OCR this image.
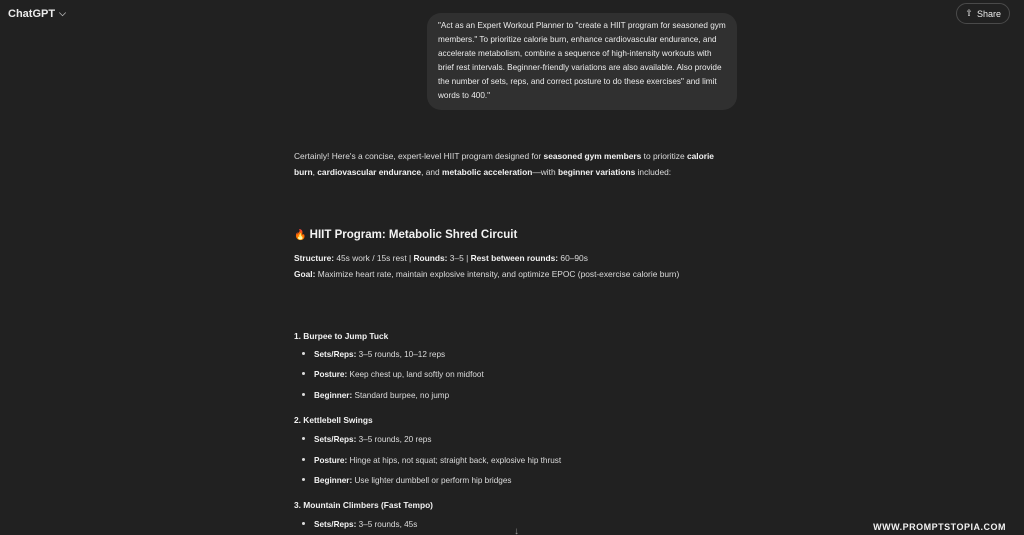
ChatGPT ⌵	⇧ Share
"Act as an Expert Workout Planner to "create a HIIT program for seasoned gym members." To prioritize calorie burn, enhance cardiovascular endurance, and accelerate metabolism, combine a sequence of high-intensity workouts with brief rest intervals. Beginner-friendly variations are also available. Also provide the number of sets, reps, and correct posture to do these exercises" and limit words to 400."
Certainly! Here's a concise, expert-level HIIT program designed for seasoned gym members to prioritize calorie burn, cardiovascular endurance, and metabolic acceleration—with beginner variations included:
🔥 HIIT Program: Metabolic Shred Circuit
Structure: 45s work / 15s rest | Rounds: 3–5 | Rest between rounds: 60–90s
Goal: Maximize heart rate, maintain explosive intensity, and optimize EPOC (post-exercise calorie burn)
1. Burpee to Jump Tuck
Sets/Reps: 3–5 rounds, 10–12 reps
Posture: Keep chest up, land softly on midfoot
Beginner: Standard burpee, no jump
2. Kettlebell Swings
Sets/Reps: 3–5 rounds, 20 reps
Posture: Hinge at hips, not squat; straight back, explosive hip thrust
Beginner: Use lighter dumbbell or perform hip bridges
3. Mountain Climbers (Fast Tempo)
Sets/Reps: 3–5 rounds, 45s
↓	WWW.PROMPTSTOPIA.COM
